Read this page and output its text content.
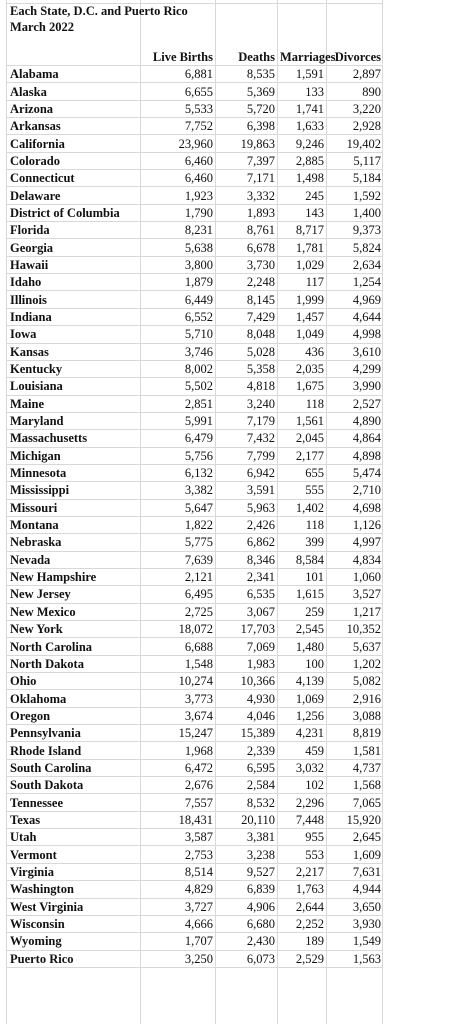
Each State, D.C. and Puerto Rico
March 2022
	Live Births	Deaths	Marriages	Divorces
Alabama	6,881	8,535	1,591	2,897
Alaska	6,655	5,369	133	890
Arizona	5,533	5,720	1,741	3,220
Arkansas	7,752	6,398	1,633	2,928
California	23,960	19,863	9,246	19,402
Colorado	6,460	7,397	2,885	5,117
Connecticut	6,460	7,171	1,498	5,184
Delaware	1,923	3,332	245	1,592
District of Columbia	1,790	1,893	143	1,400
Florida	8,231	8,761	8,717	9,373
Georgia	5,638	6,678	1,781	5,824
Hawaii	3,800	3,730	1,029	2,634
Idaho	1,879	2,248	117	1,254
Illinois	6,449	8,145	1,999	4,969
Indiana	6,552	7,429	1,457	4,644
Iowa	5,710	8,048	1,049	4,998
Kansas	3,746	5,028	436	3,610
Kentucky	8,002	5,358	2,035	4,299
Louisiana	5,502	4,818	1,675	3,990
Maine	2,851	3,240	118	2,527
Maryland	5,991	7,179	1,561	4,890
Massachusetts	6,479	7,432	2,045	4,864
Michigan	5,756	7,799	2,177	4,898
Minnesota	6,132	6,942	655	5,474
Mississippi	3,382	3,591	555	2,710
Missouri	5,647	5,963	1,402	4,698
Montana	1,822	2,426	118	1,126
Nebraska	5,775	6,862	399	4,997
Nevada	7,639	8,346	8,584	4,834
New Hampshire	2,121	2,341	101	1,060
New Jersey	6,495	6,535	1,615	3,527
New Mexico	2,725	3,067	259	1,217
New York	18,072	17,703	2,545	10,352
North Carolina	6,688	7,069	1,480	5,637
North Dakota	1,548	1,983	100	1,202
Ohio	10,274	10,366	4,139	5,082
Oklahoma	3,773	4,930	1,069	2,916
Oregon	3,674	4,046	1,256	3,088
Pennsylvania	15,247	15,389	4,231	8,819
Rhode Island	1,968	2,339	459	1,581
South Carolina	6,472	6,595	3,032	4,737
South Dakota	2,676	2,584	102	1,568
Tennessee	7,557	8,532	2,296	7,065
Texas	18,431	20,110	7,448	15,920
Utah	3,587	3,381	955	2,645
Vermont	2,753	3,238	553	1,609
Virginia	8,514	9,527	2,217	7,631
Washington	4,829	6,839	1,763	4,944
West Virginia	3,727	4,906	2,644	3,650
Wisconsin	4,666	6,680	2,252	3,930
Wyoming	1,707	2,430	189	1,549
Puerto Rico	3,250	6,073	2,529	1,563
